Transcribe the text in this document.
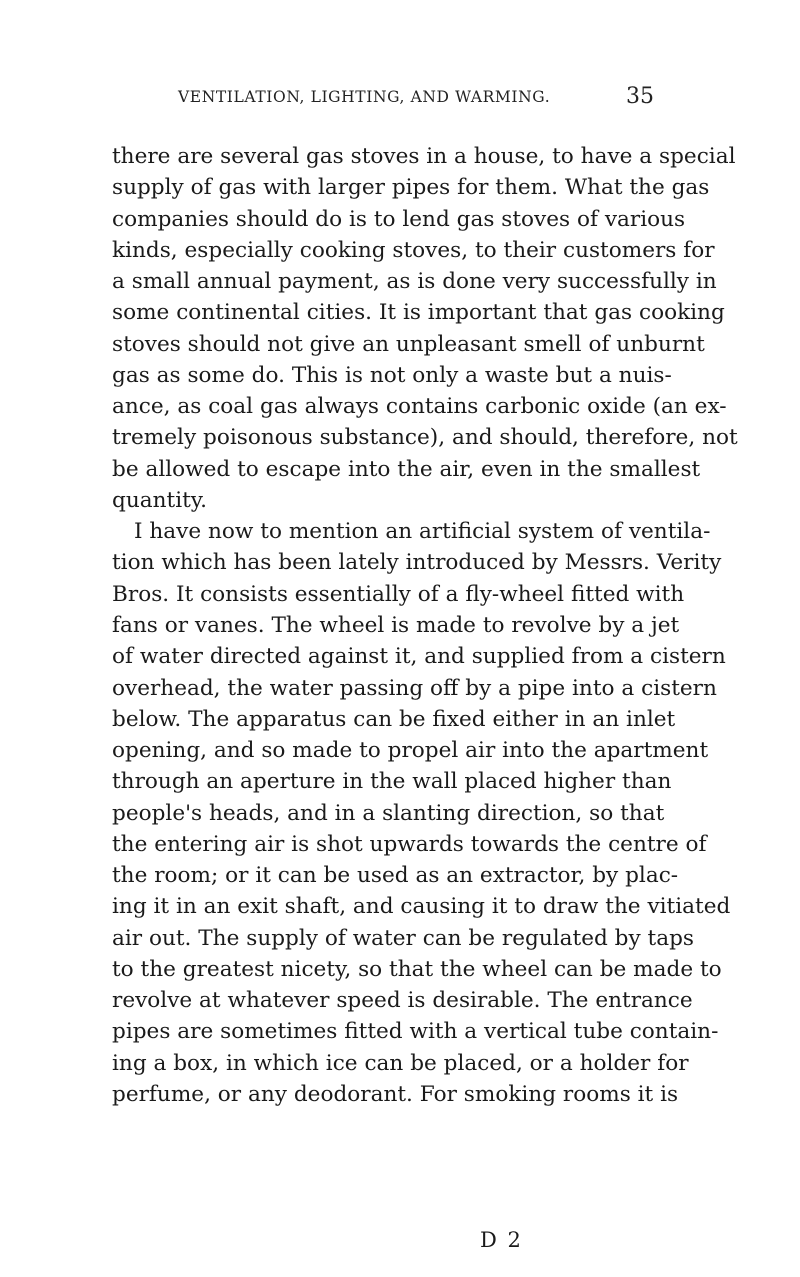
VENTILATION, LIGHTING, AND WARMING.	35
there are several gas stoves in a house, to have a special
supply of gas with larger pipes for them. What the gas
companies should do is to lend gas stoves of various
kinds, especially cooking stoves, to their customers for
a small annual payment, as is done very successfully in
some continental cities. It is important that gas cooking
stoves should not give an unpleasant smell of unburnt
gas as some do. This is not only a waste but a nuis-
ance, as coal gas always contains carbonic oxide (an ex-
tremely poisonous substance), and should, therefore, not
be allowed to escape into the air, even in the smallest
quantity.
I have now to mention an artificial system of ventila-
tion which has been lately introduced by Messrs. Verity
Bros. It consists essentially of a fly-wheel fitted with
fans or vanes. The wheel is made to revolve by a jet
of water directed against it, and supplied from a cistern
overhead, the water passing off by a pipe into a cistern
below. The apparatus can be fixed either in an inlet
opening, and so made to propel air into the apartment
through an aperture in the wall placed higher than
people's heads, and in a slanting direction, so that
the entering air is shot upwards towards the centre of
the room; or it can be used as an extractor, by plac-
ing it in an exit shaft, and causing it to draw the vitiated
air out. The supply of water can be regulated by taps
to the greatest nicety, so that the wheel can be made to
revolve at whatever speed is desirable. The entrance
pipes are sometimes fitted with a vertical tube contain-
ing a box, in which ice can be placed, or a holder for
perfume, or any deodorant. For smoking rooms it is
D 2
